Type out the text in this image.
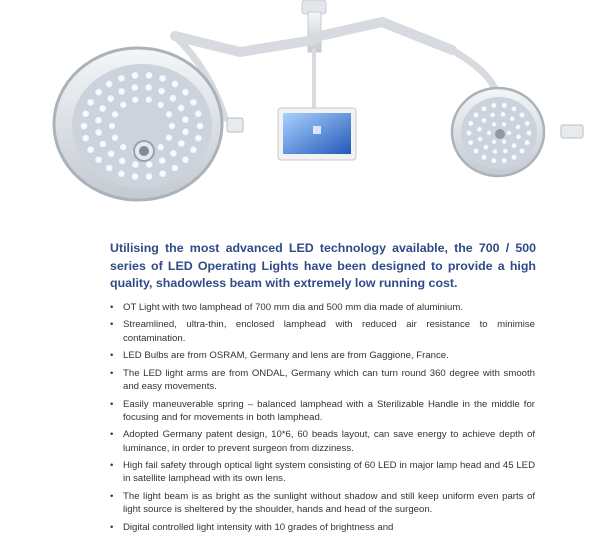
Utilising the most advanced LED technology available, the 700 / 500 series of LED Operating Lights have been designed to provide a high quality, shadowless beam with extremely low running cost.
• OT Light with two lamphead of 700 mm dia and 500 mm dia made of aluminium.
• Streamlined, ultra-thin, enclosed lamphead with reduced air resistance to minimise contamination.
• LED Bulbs are from OSRAM, Germany and lens are from Gaggione, France.
• The LED light arms are from ONDAL, Germany which can turn round 360 degree with smooth and easy movements.
• Easily maneuverable spring – balanced lamphead with a Sterilizable Handle in the middle for focusing and for movements in both lamphead.
• Adopted Germany patent design, 10*6, 60 beads layout, can save energy to achieve depth of luminance, in order to prevent surgeon from dizziness.
• High fail safety through optical light system consisting of 60 LED in major lamp head and 45 LED in satellite lamphead with its own lens.
• The light beam is as bright as the sunlight without shadow and still keep uniform even parts of light source is sheltered by the shoulder, hands and head of the surgeon.
• Digital controlled light intensity with 10 grades of brightness and
